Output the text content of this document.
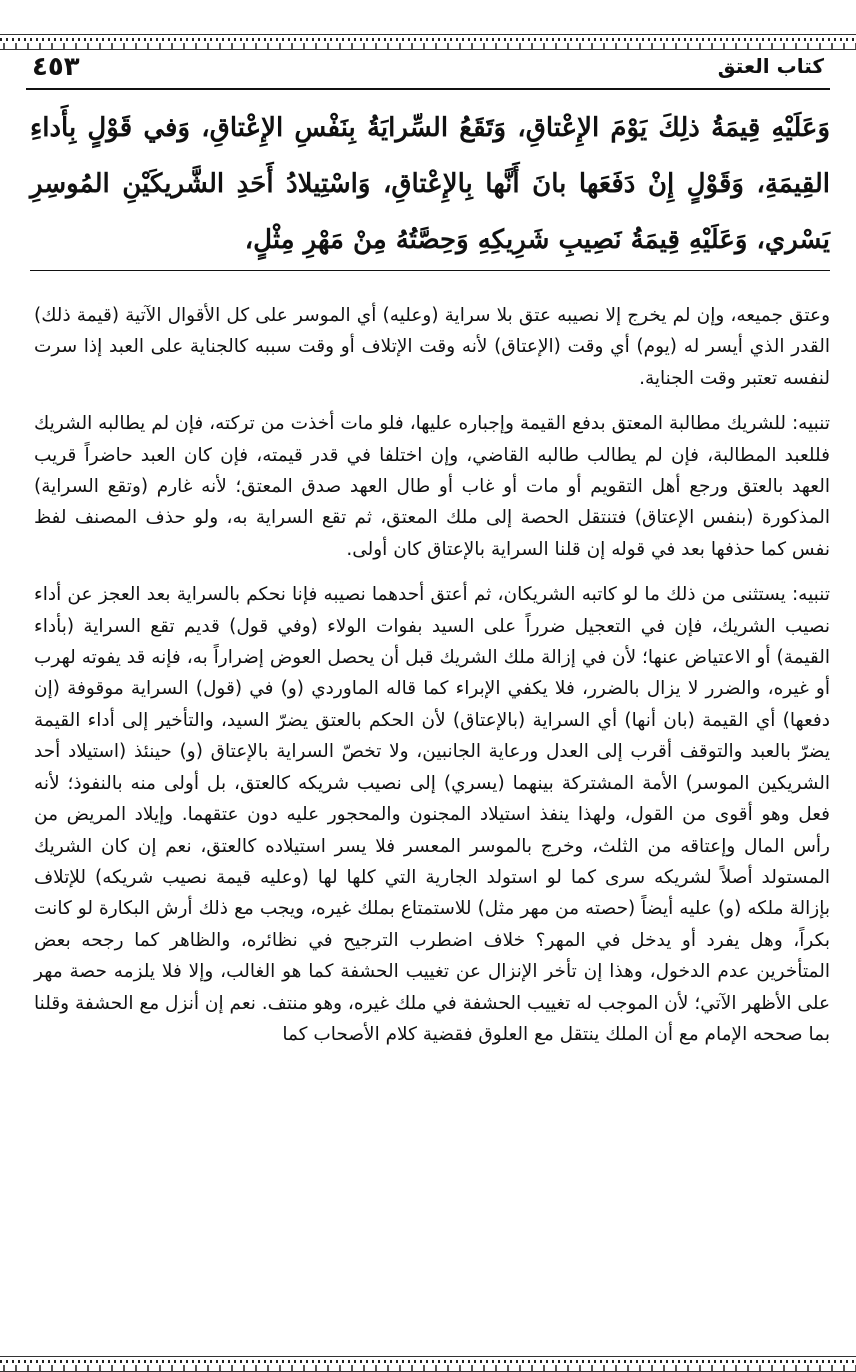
كتاب العتق
٤٥٣
وَعَلَيْهِ قِيمَةُ ذلِكَ يَوْمَ الإِعْتاقِ، وَتَقَعُ السِّرايَةُ بِنَفْسِ الإِعْتاقِ، وَفي قَوْلٍ بِأَداءِ القِيمَةِ، وَقَوْلٍ إِنْ دَفَعَها بانَ أَنَّها بِالإِعْتاقِ، وَاسْتِيلادُ أَحَدِ الشَّريكَيْنِ المُوسِرِ يَسْري، وَعَلَيْهِ قِيمَةُ نَصِيبِ شَرِيكِهِ وَحِصَّتُهُ مِنْ مَهْرِ مِثْلٍ،

وعتق جميعه، وإن لم يخرج إلا نصيبه عتق بلا سراية (وعليه) أي الموسر على كل الأقوال الآتية (قيمة ذلك) القدر الذي أيسر له (يوم) أي وقت (الإعتاق) لأنه وقت الإتلاف أو وقت سببه كالجناية على العبد إذا سرت لنفسه تعتبر وقت الجناية.

تنبيه: للشريك مطالبة المعتق بدفع القيمة وإجباره عليها، فلو مات أخذت من تركته، فإن لم يطالبه الشريك فللعبد المطالبة، فإن لم يطالب طالبه القاضي، وإن اختلفا في قدر قيمته، فإن كان العبد حاضراً قريب العهد بالعتق ورجع أهل التقويم أو مات أو غاب أو طال العهد صدق المعتق؛ لأنه غارم (وتقع السراية) المذكورة (بنفس الإعتاق) فتنتقل الحصة إلى ملك المعتق، ثم تقع السراية به، ولو حذف المصنف لفظ نفس كما حذفها بعد في قوله إن قلنا السراية بالإعتاق كان أولى.

تنبيه: يستثنى من ذلك ما لو كاتبه الشريكان، ثم أعتق أحدهما نصيبه فإنا نحكم بالسراية بعد العجز عن أداء نصيب الشريك، فإن في التعجيل ضرراً على السيد بفوات الولاء (وفي قول) قديم تقع السراية (بأداء القيمة) أو الاعتياض عنها؛ لأن في إزالة ملك الشريك قبل أن يحصل العوض إضراراً به، فإنه قد يفوته لهرب أو غيره، والضرر لا يزال بالضرر، فلا يكفي الإبراء كما قاله الماوردي (و) في (قول) السراية موقوفة (إن دفعها) أي القيمة (بان أنها) أي السراية (بالإعتاق) لأن الحكم بالعتق يضرّ السيد، والتأخير إلى أداء القيمة يضرّ بالعبد والتوقف أقرب إلى العدل ورعاية الجانبين، ولا تخصّ السراية بالإعتاق (و) حينئذ (استيلاد أحد الشريكين الموسر) الأمة المشتركة بينهما (يسري) إلى نصيب شريكه كالعتق، بل أولى منه بالنفوذ؛ لأنه فعل وهو أقوى من القول، ولهذا ينفذ استيلاد المجنون والمحجور عليه دون عتقهما. وإيلاد المريض من رأس المال وإعتاقه من الثلث، وخرج بالموسر المعسر فلا يسر استيلاده كالعتق، نعم إن كان الشريك المستولد أصلاً لشريكه سرى كما لو استولد الجارية التي كلها لها (وعليه قيمة نصيب شريكه) للإتلاف بإزالة ملكه (و) عليه أيضاً (حصته من مهر مثل) للاستمتاع بملك غيره، ويجب مع ذلك أرش البكارة لو كانت بكراً، وهل يفرد أو يدخل في المهر؟ خلاف اضطرب الترجيح في نظائره، والظاهر كما رجحه بعض المتأخرين عدم الدخول، وهذا إن تأخر الإنزال عن تغييب الحشفة كما هو الغالب، وإلا فلا يلزمه حصة مهر على الأظهر الآتي؛ لأن الموجب له تغييب الحشفة في ملك غيره، وهو منتف. نعم إن أنزل مع الحشفة وقلنا بما صححه الإمام مع أن الملك ينتقل مع العلوق فقضية كلام الأصحاب كما
